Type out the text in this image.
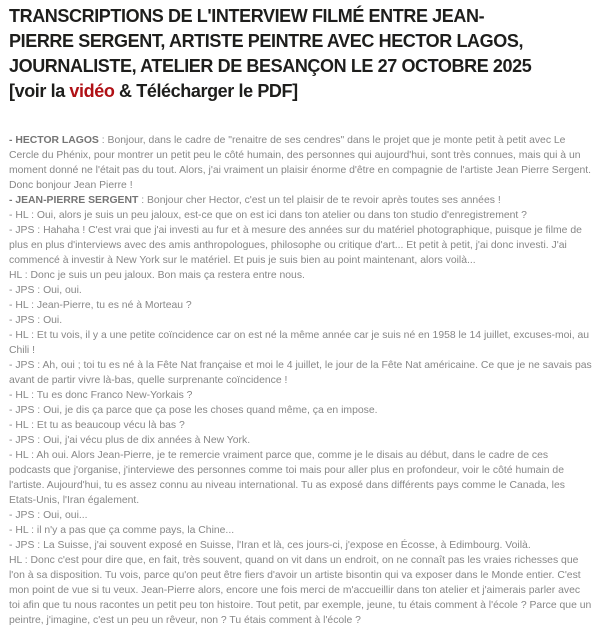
TRANSCRIPTIONS DE L'INTERVIEW FILMÉ ENTRE JEAN-
PIERRE SERGENT, ARTISTE PEINTRE AVEC HECTOR LAGOS,
JOURNALISTE, ATELIER DE BESANÇON LE 27 OCTOBRE 2025
[voir la vidéo & Télécharger le PDF]

- HECTOR LAGOS : Bonjour, dans le cadre de "renaitre de ses cendres" dans le projet que je monte petit à petit avec Le Cercle du Phénix, pour montrer un petit peu le côté humain, des personnes qui aujourd'hui, sont très connues, mais qui à un moment donné ne l'était pas du tout. Alors, j'ai vraiment un plaisir énorme d'être en compagnie de l'artiste Jean Pierre Sergent. Donc bonjour Jean Pierre !

- JEAN-PIERRE SERGENT : Bonjour cher Hector, c'est un tel plaisir de te revoir après toutes ses années !

- HL : Oui, alors je suis un peu jaloux, est-ce que on est ici dans ton atelier ou dans ton studio d'enregistrement ?

- JPS : Hahaha ! C'est vrai que j'ai investi au fur et à mesure des années sur du matériel photographique, puisque je filme de plus en plus d'interviews avec des amis anthropologues, philosophe ou critique d'art... Et petit à petit, j'ai donc investi. J'ai commencé à investir à New York sur le matériel. Et puis je suis bien au point maintenant, alors voilà...

HL : Donc je suis un peu jaloux. Bon mais ça restera entre nous.

- JPS : Oui, oui.

- HL : Jean-Pierre, tu es né à Morteau ?

- JPS : Oui.

- HL : Et tu vois, il y a une petite coïncidence car on est né la même année car je suis né en 1958 le 14 juillet, excuses-moi, au Chili !

- JPS : Ah, oui ; toi tu es né à la Fête Nat française et moi le 4 juillet, le jour de la Fête Nat américaine. Ce que je ne savais pas avant de partir vivre là-bas, quelle surprenante coïncidence !

- HL : Tu es donc Franco New-Yorkais ?

- JPS : Oui, je dis ça parce que ça pose les choses quand même, ça en impose.

- HL : Et tu as beaucoup vécu là bas ?

- JPS : Oui, j'ai vécu plus de dix années à New York.

- HL : Ah oui. Alors Jean-Pierre, je te remercie vraiment parce que, comme je le disais au début, dans le cadre de ces podcasts que j'organise, j'interviewe des personnes comme toi mais pour aller plus en profondeur, voir le côté humain de l'artiste. Aujourd'hui, tu es assez connu au niveau international. Tu as exposé dans différents pays comme le Canada, les Etats-Unis, l'Iran également.

- JPS : Oui, oui...

- HL : il n'y a pas que ça comme pays, la Chine...

- JPS : La Suisse, j'ai souvent exposé en Suisse, l'Iran et là, ces jours-ci, j'expose en Écosse, à Edimbourg. Voilà.

HL : Donc c'est pour dire que, en fait, très souvent, quand on vit dans un endroit, on ne connaît pas les vraies richesses que l'on à sa disposition. Tu vois, parce qu'on peut être fiers d'avoir un artiste bisontin qui va exposer dans le Monde entier. C'est mon point de vue si tu veux. Jean-Pierre alors, encore une fois merci de m'accueillir dans ton atelier et j'aimerais parler avec toi afin que tu nous racontes un petit peu ton histoire. Tout petit, par exemple, jeune, tu étais comment à l'école ? Parce que un peintre, j'imagine, c'est un peu un rêveur, non ? Tu étais comment à l'école ?
